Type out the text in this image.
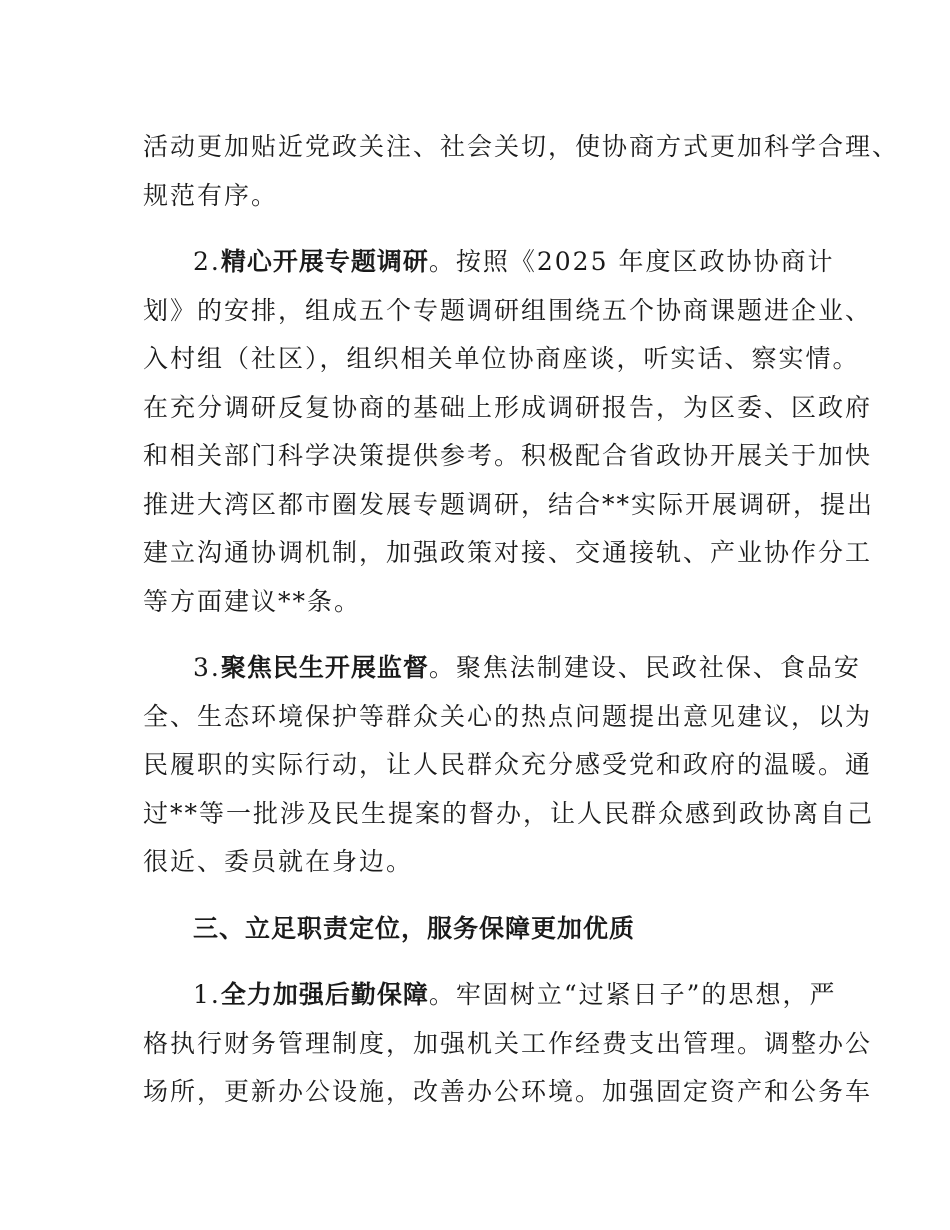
活动更加贴近党政关注、社会关切，使协商方式更加科学合理、
规范有序。
2.精心开展专题调研。按照《2025 年度区政协协商计
划》的安排，组成五个专题调研组围绕五个协商课题进企业、
入村组（社区），组织相关单位协商座谈，听实话、察实情。
在充分调研反复协商的基础上形成调研报告，为区委、区政府
和相关部门科学决策提供参考。积极配合省政协开展关于加快
推进大湾区都市圈发展专题调研，结合**实际开展调研，提出
建立沟通协调机制，加强政策对接、交通接轨、产业协作分工
等方面建议**条。
3.聚焦民生开展监督。聚焦法制建设、民政社保、食品安
全、生态环境保护等群众关心的热点问题提出意见建议，以为
民履职的实际行动，让人民群众充分感受党和政府的温暖。通
过**等一批涉及民生提案的督办，让人民群众感到政协离自己
很近、委员就在身边。
三、立足职责定位，服务保障更加优质
1.全力加强后勤保障。牢固树立“过紧日子”的思想，严
格执行财务管理制度，加强机关工作经费支出管理。调整办公
场所，更新办公设施，改善办公环境。加强固定资产和公务车
